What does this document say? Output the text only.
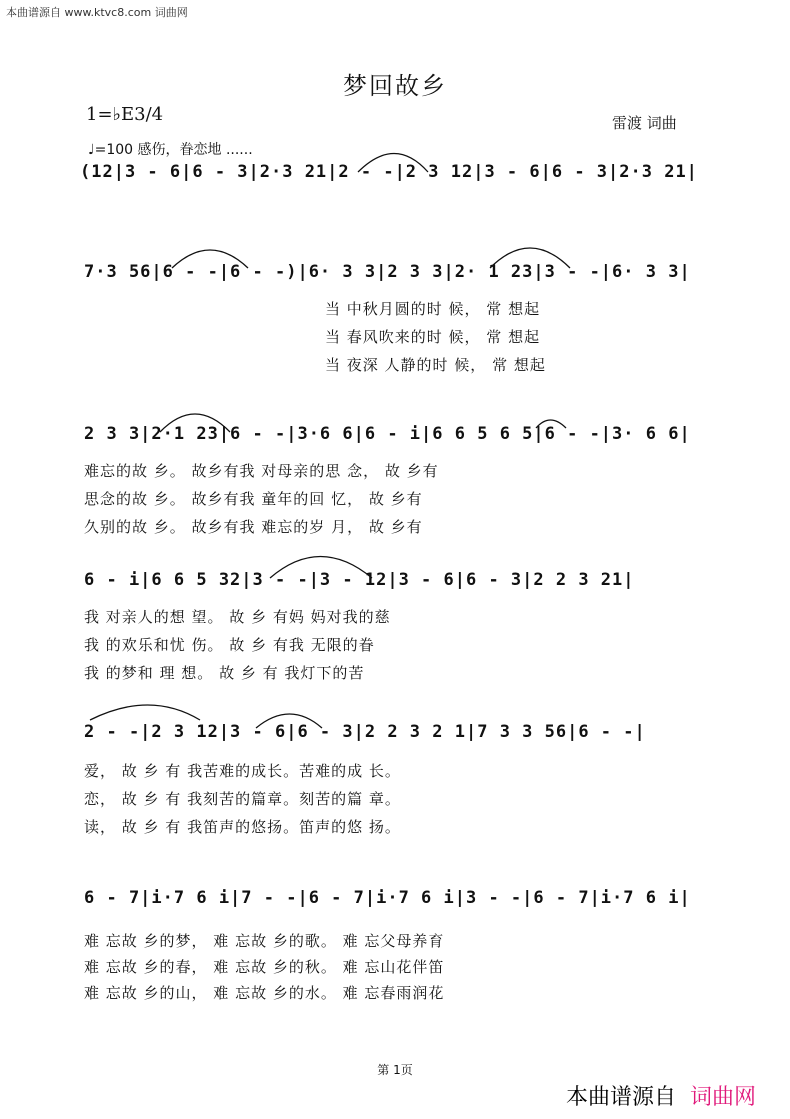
本曲谱源自 www.ktvc8.com 词曲网
梦回故乡
雷渡 词曲
1=♭E3/4
♩=100 感伤，眷恋地 ......
(12|3 - 6|6 - 3|2·3 21|2 - -|2 3 12|3 - 6|6 - 3|2·3 21|
7·3 56|6 - -|6 - -)|6· 3 3|2 3 3|2· 1 23|3 - -|6· 3 3|
当 中秋月圆的时 候， 常 想起
当 春风吹来的时 候， 常 想起
当 夜深 人静的时 候， 常 想起
2 3 3|2·1 23|6 - -|3·6 6|6 - i|6 6 5 6 5|6 - -|3· 6 6|
难忘的故 乡。 故乡有我 对母亲的思 念， 故 乡有
思念的故 乡。 故乡有我 童年的回 忆， 故 乡有
久别的故 乡。 故乡有我 难忘的岁 月， 故 乡有
6 - i|6 6 5 32|3 - -|3 - 12|3 - 6|6 - 3|2 2 3 21|
我 对亲人的想 望。 故 乡 有妈 妈对我的慈
我 的欢乐和忧 伤。 故 乡 有我 无限的眷
我 的梦和 理 想。 故 乡 有 我灯下的苦
2 - -|2 3 12|3 - 6|6 - 3|2 2 3 2 1|7 3 3 56|6 - -|
爱， 故 乡 有 我苦难的成长。苦难的成 长。
恋， 故 乡 有 我刻苦的篇章。刻苦的篇 章。
读， 故 乡 有 我笛声的悠扬。笛声的悠 扬。
6 - 7|i·7 6 i|7 - -|6 - 7|i·7 6 i|3 - -|6 - 7|i·7 6 i|
难 忘故 乡的梦， 难 忘故 乡的歌。 难 忘父母养育
难 忘故 乡的春， 难 忘故 乡的秋。 难 忘山花伴笛
难 忘故 乡的山， 难 忘故 乡的水。 难 忘春雨润花
第 1页
本曲谱源自 词曲网
